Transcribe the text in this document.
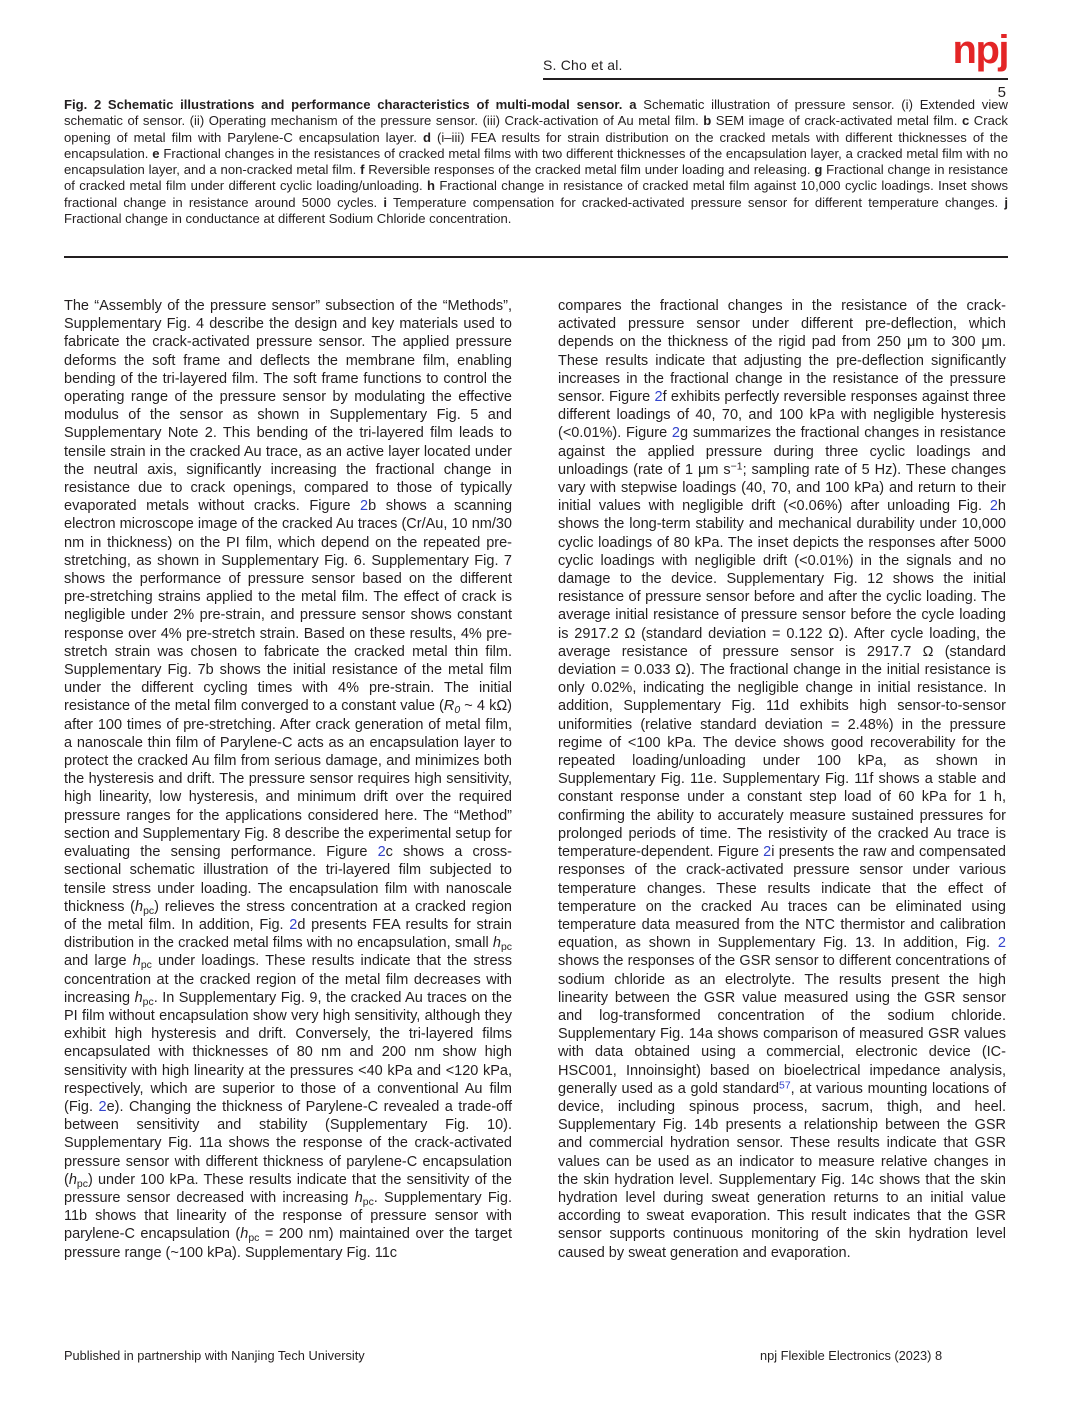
S. Cho et al.	npj
5
Fig. 2 Schematic illustrations and performance characteristics of multi-modal sensor. a Schematic illustration of pressure sensor. (i) Extended view schematic of sensor. (ii) Operating mechanism of the pressure sensor. (iii) Crack-activation of Au metal film. b SEM image of crack-activated metal film. c Crack opening of metal film with Parylene-C encapsulation layer. d (i–iii) FEA results for strain distribution on the cracked metals with different thicknesses of the encapsulation. e Fractional changes in the resistances of cracked metal films with two different thicknesses of the encapsulation layer, a cracked metal film with no encapsulation layer, and a non-cracked metal film. f Reversible responses of the cracked metal film under loading and releasing. g Fractional change in resistance of cracked metal film under different cyclic loading/unloading. h Fractional change in resistance of cracked metal film against 10,000 cyclic loadings. Inset shows fractional change in resistance around 5000 cycles. i Temperature compensation for cracked-activated pressure sensor for different temperature changes. j Fractional change in conductance at different Sodium Chloride concentration.
The “Assembly of the pressure sensor” subsection of the “Methods”, Supplementary Fig. 4 describe the design and key materials used to fabricate the crack-activated pressure sensor. The applied pressure deforms the soft frame and deflects the membrane film, enabling bending of the tri-layered film. The soft frame functions to control the operating range of the pressure sensor by modulating the effective modulus of the sensor as shown in Supplementary Fig. 5 and Supplementary Note 2. This bending of the tri-layered film leads to tensile strain in the cracked Au trace, as an active layer located under the neutral axis, significantly increasing the fractional change in resistance due to crack openings, compared to those of typically evaporated metals without cracks. Figure 2b shows a scanning electron microscope image of the cracked Au traces (Cr/Au, 10 nm/30 nm in thickness) on the PI film, which depend on the repeated pre-stretching, as shown in Supplementary Fig. 6. Supplementary Fig. 7 shows the performance of pressure sensor based on the different pre-stretching strains applied to the metal film. The effect of crack is negligible under 2% pre-strain, and pressure sensor shows constant response over 4% pre-stretch strain. Based on these results, 4% pre-stretch strain was chosen to fabricate the cracked metal thin film. Supplementary Fig. 7b shows the initial resistance of the metal film under the different cycling times with 4% pre-strain. The initial resistance of the metal film converged to a constant value ($R_0$ ~ 4 kΩ) after 100 times of pre-stretching. After crack generation of metal film, a nanoscale thin film of Parylene-C acts as an encapsulation layer to protect the cracked Au film from serious damage, and minimizes both the hysteresis and drift. The pressure sensor requires high sensitivity, high linearity, low hysteresis, and minimum drift over the required pressure ranges for the applications considered here. The “Method” section and Supplementary Fig. 8 describe the experimental setup for evaluating the sensing performance. Figure 2c shows a cross-sectional schematic illustration of the tri-layered film subjected to tensile stress under loading. The encapsulation film with nanoscale thickness $(h_{pc})$ relieves the stress concentration at a cracked region of the metal film. In addition, Fig. 2d presents FEA results for strain distribution in the cracked metal films with no encapsulation, small $h_{pc}$ and large $h_{pc}$ under loadings. These results indicate that the stress concentration at the cracked region of the metal film decreases with increasing $h_{pc}$. In Supplementary Fig. 9, the cracked Au traces on the PI film without encapsulation show very high sensitivity, although they exhibit high hysteresis and drift. Conversely, the tri-layered films encapsulated with thicknesses of 80 nm and 200 nm show high sensitivity with high linearity at the pressures <40 kPa and <120 kPa, respectively, which are superior to those of a conventional Au film (Fig. 2e). Changing the thickness of Parylene-C revealed a trade-off between sensitivity and stability (Supplementary Fig. 10). Supplementary Fig. 11a shows the response of the crack-activated pressure sensor with different thickness of parylene-C encapsulation $(h_{pc})$ under 100 kPa. These results indicate that the sensitivity of the pressure sensor decreased with increasing $h_{pc}$. Supplementary Fig. 11b shows that linearity of the response of pressure sensor with parylene-C encapsulation ($h_{pc} = 200$ nm) maintained over the target pressure range (~100 kPa). Supplementary Fig. 11c
compares the fractional changes in the resistance of the crack-activated pressure sensor under different pre-deflection, which depends on the thickness of the rigid pad from 250 μm to 300 μm. These results indicate that adjusting the pre-deflection significantly increases in the fractional change in the resistance of the pressure sensor. Figure 2f exhibits perfectly reversible responses against three different loadings of 40, 70, and 100 kPa with negligible hysteresis (<0.01%). Figure 2g summarizes the fractional changes in resistance against the applied pressure during three cyclic loadings and unloadings (rate of 1 μm $s^{-1}$; sampling rate of 5 Hz). These changes vary with stepwise loadings (40, 70, and 100 kPa) and return to their initial values with negligible drift (<0.06%) after unloading Fig. 2h shows the long-term stability and mechanical durability under 10,000 cyclic loadings of 80 kPa. The inset depicts the responses after 5000 cyclic loadings with negligible drift (<0.01%) in the signals and no damage to the device. Supplementary Fig. 12 shows the initial resistance of pressure sensor before and after the cyclic loading. The average initial resistance of pressure sensor before the cycle loading is 2917.2 Ω (standard deviation = 0.122 Ω). After cycle loading, the average resistance of pressure sensor is 2917.7 Ω (standard deviation = 0.033 Ω). The fractional change in the initial resistance is only 0.02%, indicating the negligible change in initial resistance. In addition, Supplementary Fig. 11d exhibits high sensor-to-sensor uniformities (relative standard deviation = 2.48%) in the pressure regime of <100 kPa. The device shows good recoverability for the repeated loading/unloading under 100 kPa, as shown in Supplementary Fig. 11e. Supplementary Fig. 11f shows a stable and constant response under a constant step load of 60 kPa for 1 h, confirming the ability to accurately measure sustained pressures for prolonged periods of time. The resistivity of the cracked Au trace is temperature-dependent. Figure 2i presents the raw and compensated responses of the crack-activated pressure sensor under various temperature changes. These results indicate that the effect of temperature on the cracked Au traces can be eliminated using temperature data measured from the NTC thermistor and calibration equation, as shown in Supplementary Fig. 13. In addition, Fig. 2 shows the responses of the GSR sensor to different concentrations of sodium chloride as an electrolyte. The results present the high linearity between the GSR value measured using the GSR sensor and log-transformed concentration of the sodium chloride. Supplementary Fig. 14a shows comparison of measured GSR values with data obtained using a commercial, electronic device (IC-HSC001, Innoinsight) based on bioelectrical impedance analysis, generally used as a gold standard$^{57}$, at various mounting locations of device, including spinous process, sacrum, thigh, and heel. Supplementary Fig. 14b presents a relationship between the GSR and commercial hydration sensor. These results indicate that GSR values can be used as an indicator to measure relative changes in the skin hydration level. Supplementary Fig. 14c shows that the skin hydration level during sweat generation returns to an initial value according to sweat evaporation. This result indicates that the GSR sensor supports continuous monitoring of the skin hydration level caused by sweat generation and evaporation.
Published in partnership with Nanjing Tech University	npj Flexible Electronics (2023) 8
